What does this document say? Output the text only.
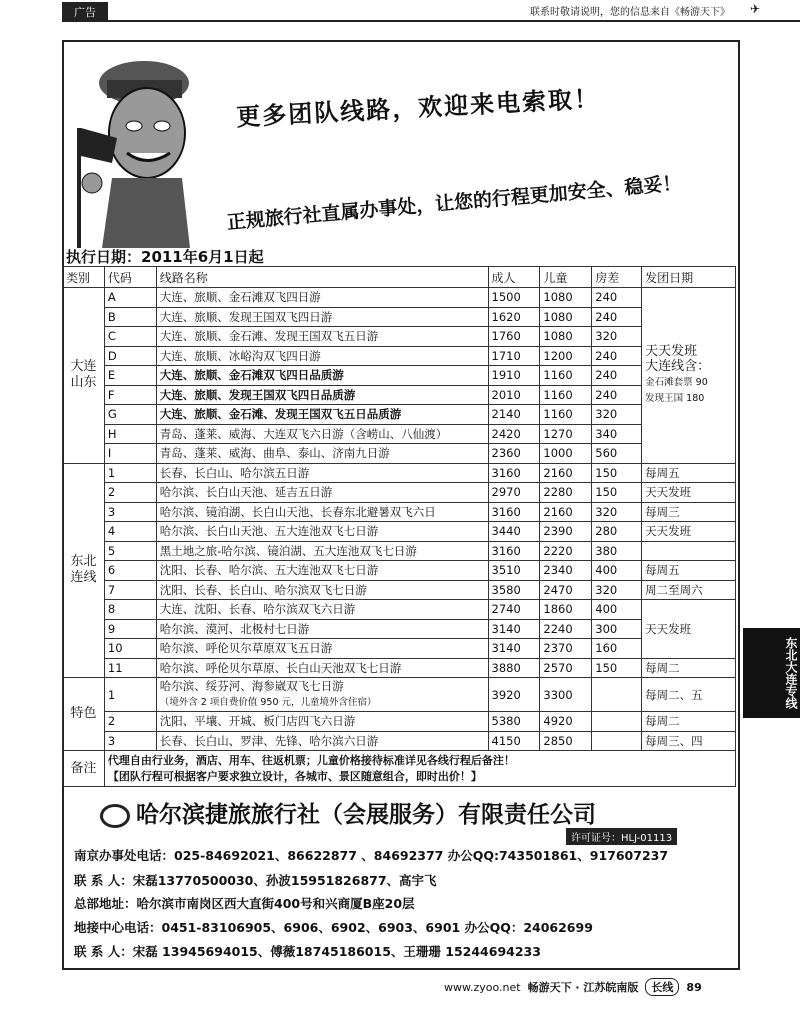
广告	联系时敬请说明，您的信息来自《畅游天下》 ✈
更多团队线路，欢迎来电索取！
正规旅行社直属办事处，让您的行程更加安全、稳妥！
执行日期：2011年6月1日起
类别	代码	线路名称	成人	儿童	房差	发团日期
大连山东	A	大连、旅顺、金石滩双飞四日游	1500	1080	240	天天发班
大连线含：
金石滩套票 90
发现王国 180
	B	大连、旅顺、发现王国双飞四日游	1620	1080	240	
	C	大连、旅顺、金石滩、发现王国双飞五日游	1760	1080	320	
	D	大连、旅顺、冰峪沟双飞四日游	1710	1200	240	
	E	大连、旅顺、金石滩双飞四日品质游	1910	1160	240	
	F	大连、旅顺、发现王国双飞四日品质游	2010	1160	240	
	G	大连、旅顺、金石滩、发现王国双飞五日品质游	2140	1160	320	
	H	青岛、蓬莱、威海、大连双飞六日游（含崂山、八仙渡）	2420	1270	340	
	I	青岛、蓬莱、威海、曲阜、泰山、济南九日游	2360	1000	560	
东北连线	1	长春、长白山、哈尔滨五日游	3160	2160	150	每周五
	2	哈尔滨、长白山天池、延吉五日游	2970	2280	150	天天发班
	3	哈尔滨、镜泊湖、长白山天池、长春东北避暑双飞六日	3160	2160	320	每周三
	4	哈尔滨、长白山天池、五大连池双飞七日游	3440	2390	280	天天发班
	5	黑土地之旅-哈尔滨、镜泊湖、五大连池双飞七日游	3160	2220	380	
	6	沈阳、长春、哈尔滨、五大连池双飞七日游	3510	2340	400	每周五
	7	沈阳、长春、长白山、哈尔滨双飞七日游	3580	2470	320	周二至周六
	8	大连、沈阳、长春、哈尔滨双飞六日游	2740	1860	400	天天发班
	9	哈尔滨、漠河、北极村七日游	3140	2240	300	
	10	哈尔滨、呼伦贝尔草原双飞五日游	3140	2370	160	
	11	哈尔滨、呼伦贝尔草原、长白山天池双飞七日游	3880	2570	150	每周二
特色	1	哈尔滨、绥芬河、海参崴双飞七日游
（境外含 2 项自费价值 950 元，儿童境外含住宿）	3920	3300		每周二、五
	2	沈阳、平壤、开城、板门店四飞六日游	5380	4920		每周二
	3	长春、长白山、罗津、先锋、哈尔滨六日游	4150	2850		每周三、四
备注	代理自由行业务，酒店、用车、往返机票；儿童价格接待标准详见各线行程后备注！
【团队行程可根据客户要求独立设计，各城市、景区随意组合，即时出价！】					
哈尔滨捷旅旅行社（会展服务）有限责任公司
许可证号：HLJ-01113
南京办事处电话：025-84692021、86622877 、84692377 办公QQ:743501861、917607237
联 系 人：宋磊13770500030、孙波15951826877、高宇飞
总部地址：哈尔滨市南岗区西大直街400号和兴商厦B座20层
地接中心电话：0451-83106905、6906、6902、6903、6901 办公QQ：24062699
联 系 人：宋磊 13945694015、傅薇18745186015、王珊珊 15244694233
东北大连专线
www.zyoo.net 畅游天下 · 江苏皖南版 长线 89
